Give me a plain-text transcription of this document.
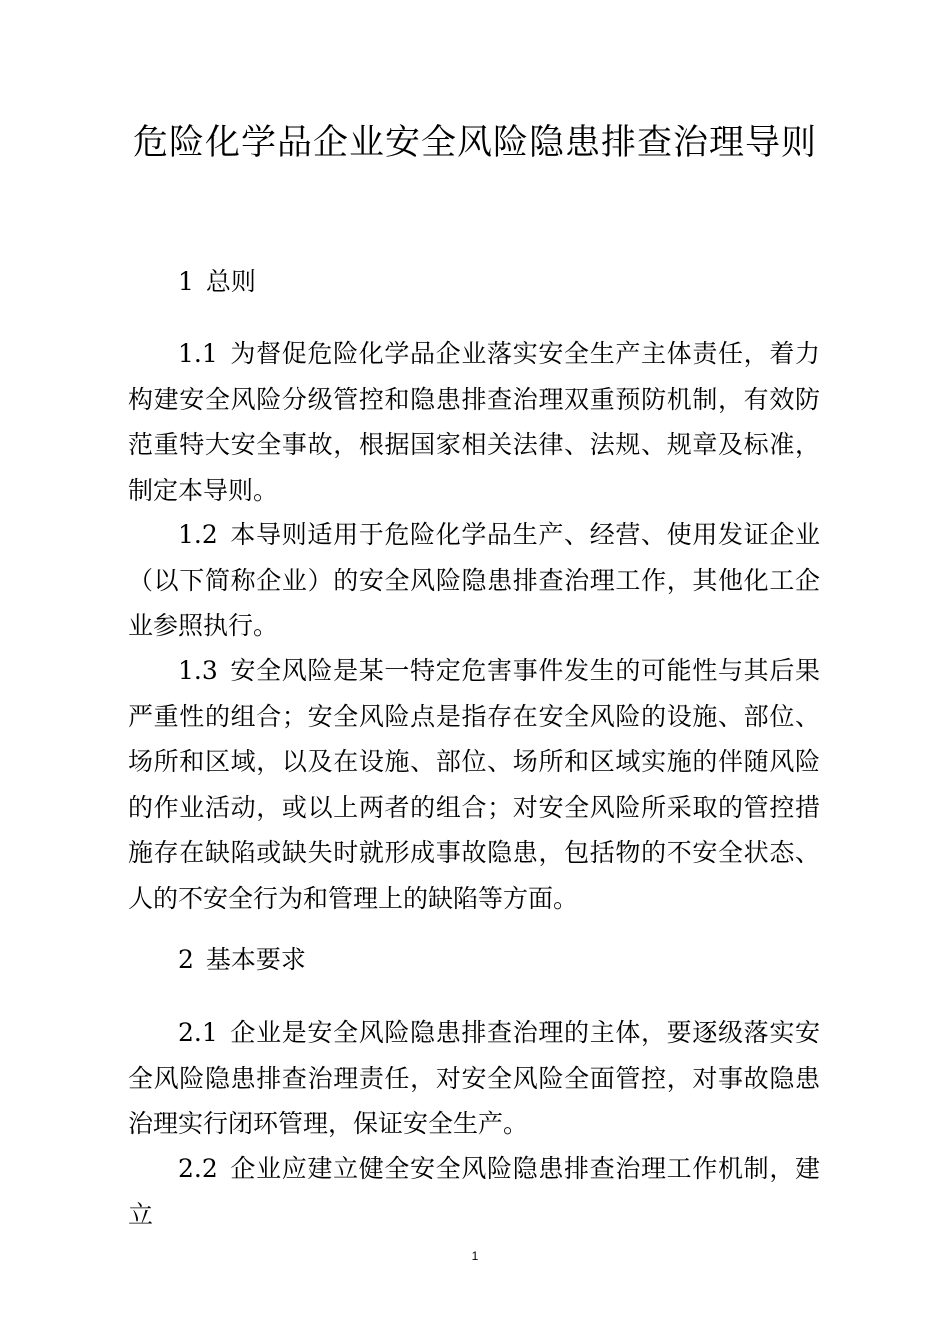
危险化学品企业安全风险隐患排查治理导则
1 总则
1.1 为督促危险化学品企业落实安全生产主体责任，着力构建安全风险分级管控和隐患排查治理双重预防机制，有效防范重特大安全事故，根据国家相关法律、法规、规章及标准，制定本导则。
1.2 本导则适用于危险化学品生产、经营、使用发证企业（以下简称企业）的安全风险隐患排查治理工作，其他化工企业参照执行。
1.3 安全风险是某一特定危害事件发生的可能性与其后果严重性的组合；安全风险点是指存在安全风险的设施、部位、场所和区域，以及在设施、部位、场所和区域实施的伴随风险的作业活动，或以上两者的组合；对安全风险所采取的管控措施存在缺陷或缺失时就形成事故隐患，包括物的不安全状态、人的不安全行为和管理上的缺陷等方面。
2 基本要求
2.1 企业是安全风险隐患排查治理的主体，要逐级落实安全风险隐患排查治理责任，对安全风险全面管控，对事故隐患治理实行闭环管理，保证安全生产。
2.2 企业应建立健全安全风险隐患排查治理工作机制，建立
1
